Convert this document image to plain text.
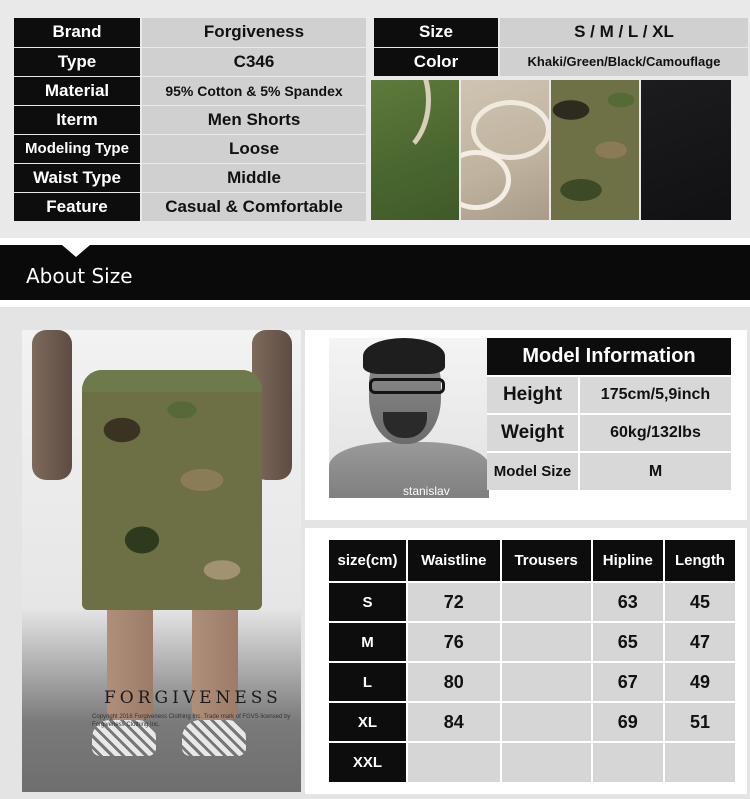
Brand	Forgiveness
Type	C346
Material	95% Cotton & 5% Spandex
Iterm	Men Shorts
Modeling Type	Loose
Waist Type	Middle
Feature	Casual & Comfortable
Size	S / M / L / XL
Color	Khaki/Green/Black/Camouflage
About Size
FORGIVENESS
Copyright 2016 Forgiveness Clothing Inc. Trade mark of FGVS licensed by Forgiveness Clothing Inc.
stanislav
Model Information	
Height	175cm/5,9inch
Weight	60kg/132lbs
Model Size	M
size(cm)	Waistline	Trousers	Hipline	Length
S	72		63	45
M	76		65	47
L	80		67	49
XL	84		69	51
XXL				
